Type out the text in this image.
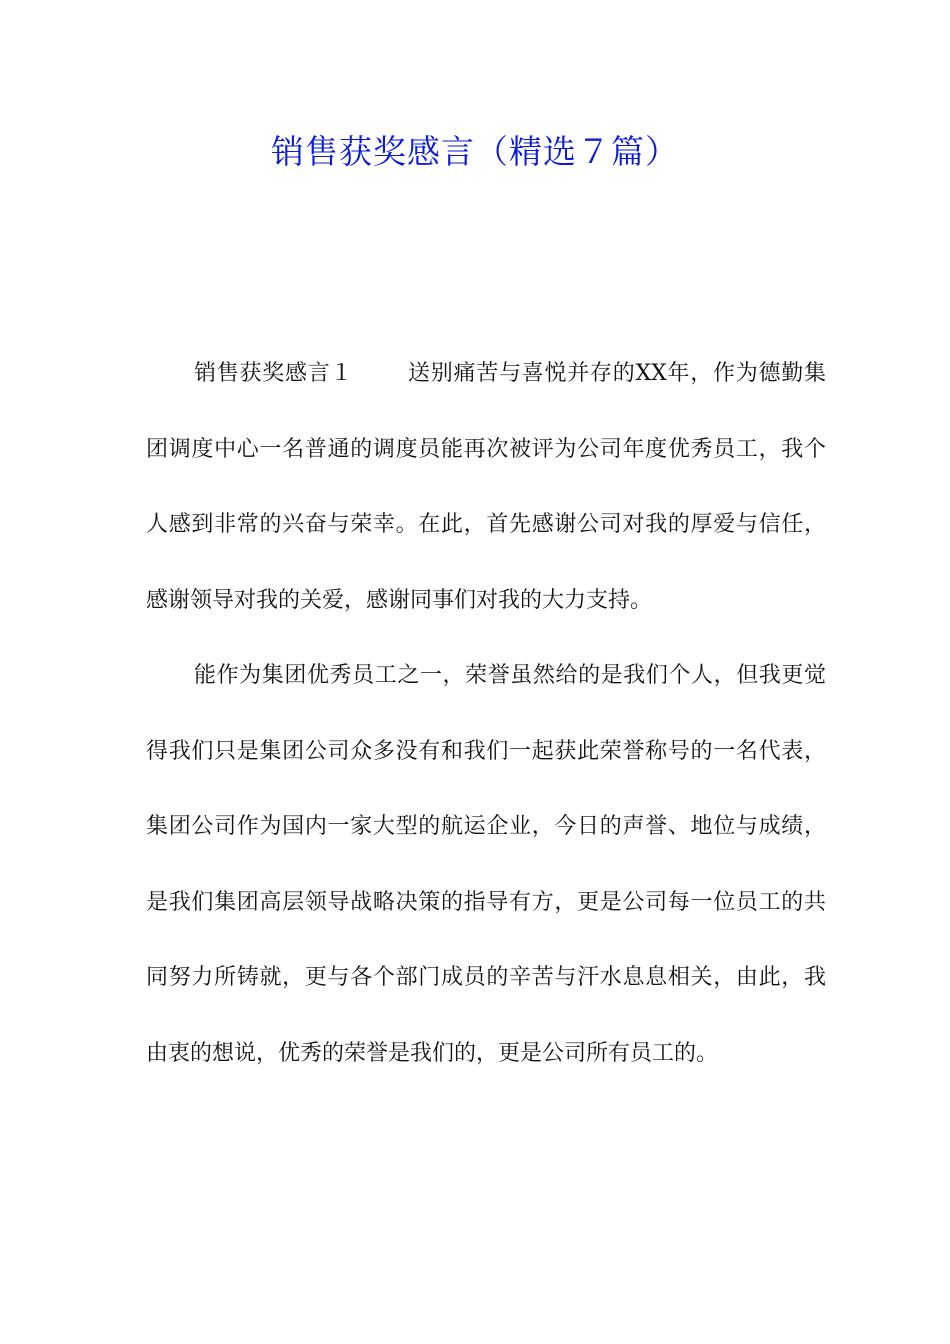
销售获奖感言（精选７篇）

销售获奖感言１ 送别痛苦与喜悦并存的XX年，作为德勤集团调度中心一名普通的调度员能再次被评为公司年度优秀员工，我个人感到非常的兴奋与荣幸。在此，首先感谢公司对我的厚爱与信任，感谢领导对我的关爱，感谢同事们对我的大力支持。

能作为集团优秀员工之一，荣誉虽然给的是我们个人，但我更觉得我们只是集团公司众多没有和我们一起获此荣誉称号的一名代表，集团公司作为国内一家大型的航运企业，今日的声誉、地位与成绩，是我们集团高层领导战略决策的指导有方，更是公司每一位员工的共同努力所铸就，更与各个部门成员的辛苦与汗水息息相关，由此，我由衷的想说，优秀的荣誉是我们的，更是公司所有员工的。
